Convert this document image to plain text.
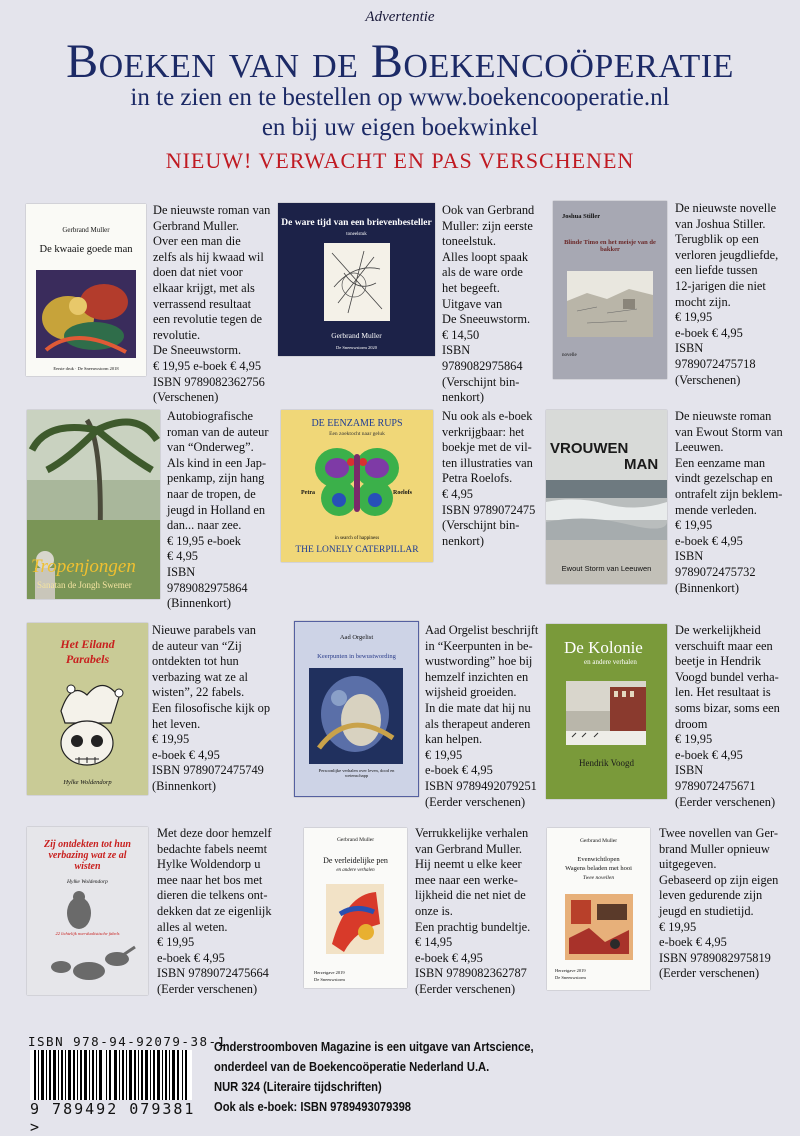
Advertentie
Boeken van de Boekencoöperatie
in te zien en te bestellen op www.boekencooperatie.nl
en bij uw eigen boekwinkel
NIEUW! VERWACHT EN PAS VERSCHENEN
Gerbrand Muller
De kwaaie goede man
Eerste druk · De Sneeuwstorm 2018
De nieuwste roman van
Gerbrand Muller.
Over een man die
zelfs als hij kwaad wil
doen dat niet voor
elkaar krijgt, met als
verrassend resultaat
een revolutie tegen de
revolutie.
De Sneeuwstorm.
€ 19,95 e-boek € 4,95
ISBN 9789082362756
(Verschenen)
De ware tijd van een brievenbesteller
toneelstuk
Gerbrand Muller
De Sneeuwstorm 2020
Ook van Gerbrand
Muller: zijn eerste
toneelstuk.
Alles loopt spaak
als de ware orde
het begeeft.
Uitgave van
De Sneeuwstorm.
€ 14,50
ISBN
9789082975864
(Verschijnt bin-
nenkort)
Joshua Stiller
Blinde Timo en het meisje van de bakker
novelle
De nieuwste novelle
van Joshua Stiller.
Terugblik op een
verloren jeugdliefde,
een liefde tussen
12-jarigen die niet
mocht zijn.
€ 19,95
e-boek € 4,95
ISBN
9789072475718
(Verschenen)
Tropenjongen
Sanatan de Jongh Swemer
Autobiografische
roman van de auteur
van “Onderweg”.
Als kind in een Jap-
penkamp, zijn hang
naar de tropen, de
jeugd in Holland en
dan... naar zee.
€ 19,95 e-boek
€ 4,95
ISBN
9789082975864
(Binnenkort)
DE EENZAME RUPS
Een zoektocht naar geluk
Petra	Roelofs
in search of happiness
THE LONELY CATERPILLAR
Nu ook als e-boek
verkrijgbaar: het
boekje met de vil-
ten illustraties van
Petra Roelofs.
€ 4,95
ISBN 9789072475
(Verschijnt bin-
nenkort)
VROUWEN
MAN
Ewout Storm van Leeuwen
De nieuwste roman
van Ewout Storm van
Leeuwen.
Een eenzame man
vindt gezelschap en
ontrafelt zijn beklem-
mende verleden.
€ 19,95
e-boek € 4,95
ISBN
9789072475732
(Binnenkort)
Het Eiland
Parabels
Hylke Woldendorp
Nieuwe parabels van
de auteur van “Zij
ontdekten tot hun
verbazing wat ze al
wisten”, 22 fabels.
Een filosofische kijk op
het leven.
€ 19,95
e-boek € 4,95
ISBN 9789072475749
(Binnenkort)
Aad Orgelist
Keerpunten in bewustwording
Persoonlijke verhalen over leven, dood en wetenschapp
Aad Orgelist beschrijft
in “Keerpunten in be-
wustwording” hoe bij
hemzelf inzichten en
wijsheid groeiden.
In die mate dat hij nu
als therapeut anderen
kan helpen.
€ 19,95
e-boek € 4,95
ISBN 9789492079251
(Eerder verschenen)
De Kolonie
en andere verhalen
Hendrik Voogd
De werkelijkheid
verschuift maar een
beetje in Hendrik
Voogd bundel verha-
len. Het resultaat is
soms bizar, soms een
droom
€ 19,95
e-boek € 4,95
ISBN
9789072475671
(Eerder verschenen)
Zij ontdekten tot hun verbazing wat ze al wisten
Hylke Woldendorp
22 lichtelijk non-dualistische fabels
Met deze door hemzelf
bedachte fabels neemt
Hylke Woldendorp u
mee naar het bos met
dieren die telkens ont-
dekken dat ze eigenlijk
alles al weten.
€ 19,95
e-boek € 4,95
ISBN 9789072475664
(Eerder verschenen)
Gerbrand Muller
De verleidelijke pen
en andere verhalen
Herzetgave 2019
De Sneeuwstorm
Verrukkelijke verhalen
van Gerbrand Muller.
Hij neemt u elke keer
mee naar een werke-
lijkheid die net niet de
onze is.
Een prachtig bundeltje.
€ 14,95
e-boek € 4,95
ISBN 9789082362787
(Eerder verschenen)
Gerbrand Muller
Evenwichtlopen
Wagens beladen met hooi
Twee novellen
Herzetgave 2019
De Sneeuwstorm
Twee novellen van Ger-
brand Muller opnieuw
uitgegeven.
Gebaseerd op zijn eigen
leven gedurende zijn
jeugd en studietijd.
€ 19,95
e-boek € 4,95
ISBN 9789082975819
(Eerder verschenen)
ISBN 978-94-92079-38-1
9 789492 079381 >
Onderstroomboven Magazine is een uitgave van Artscience,
onderdeel van de Boekencoöperatie Nederland U.A.
NUR 324 (Literaire tijdschriften)
Ook als e-boek: ISBN 9789493079398
